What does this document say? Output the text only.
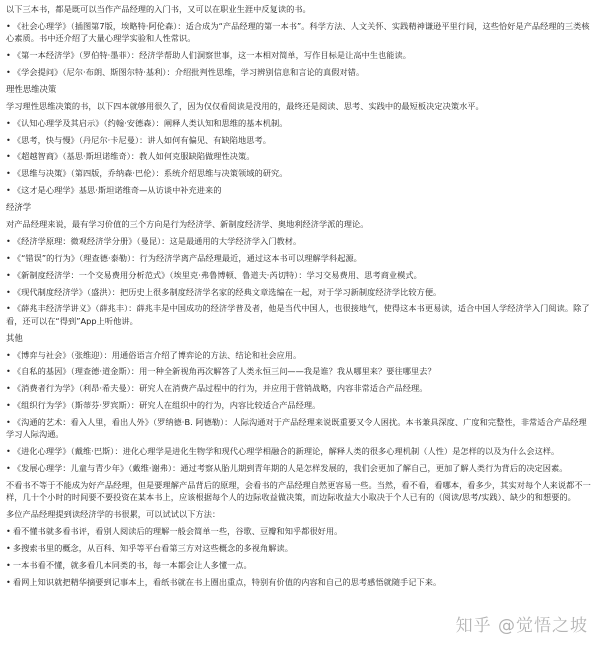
以下三本书，都是既可以当作产品经理的入门书，又可以在职业生涯中反复读的书。
• 《社会心理学》（插图第7版，埃略特·阿伦森）：适合成为“产品经理的第一本书”。科学方法、人文关怀、实践精神谦逊平里行间，这些恰好是产品经理的三类核心素质。书中还介绍了大量心理学实验和人性常识。
• 《第一本经济学》（罗伯特·墨菲）：经济学帮助人们洞察世事，这一本相对简单，写作目标是让高中生也能读。
• 《学会提问》（尼尔·布朗、斯图尔特·基利）：介绍批判性思维，学习辨别信息和言论的真假对错。
理性思维决策
学习理性思维决策的书，以下四本就够用很久了，因为仅仅看阅读是没用的，最终还是阅读、思考、实践中的最短板决定决策水平。
• 《认知心理学及其启示》（约翰·安德森）：阐释人类认知和思维的基本机制。
• 《思考，快与慢》（丹尼尔·卡尼曼）：讲人如何有偏见、有缺陷地思考。
• 《超越智商》（基思·斯坦诺维奇）：教人如何克服缺陷做理性决策。
• 《思维与决策》（第四版，乔纳森·巴伦）：系统介绍思维与决策领域的研究。
• 《这才是心理学》基思·斯坦诺维奇—从访谈中补充进来的
经济学
对产品经理来说，最有学习价值的三个方向是行为经济学、新制度经济学、奥地利经济学派的理论。
• 《经济学原理：微观经济学分册》（曼昆）：这是最通用的大学经济学入门教材。
• 《“错误”的行为》（理查德·泰勒）：行为经济学离产品经理最近，通过这本书可以理解学科起源。
• 《新制度经济学：一个交易费用分析范式》（埃里克·弗鲁博顿、鲁道夫·芮切特）：学习交易费用、思考商业模式。
• 《现代制度经济学》（盛洪）：把历史上很多制度经济学名家的经典文章选编在一起，对于学习新制度经济学比较方便。
• 《薛兆丰经济学讲义》（薛兆丰）：薛兆丰是中国成功的经济学普及者，他是当代中国人，也很接地气，使得这本书更易读，适合中国人学经济学入门阅读。除了看，还可以在“得到”App上听他讲。
其他
• 《博弈与社会》（张维迎）：用通俗语言介绍了博弈论的方法、结论和社会应用。
• 《自私的基因》（理查德·道金斯）：用一种全新视角再次解答了人类永恒三问——我是谁？我从哪里来？要往哪里去？
• 《消费者行为学》（利昂·希夫曼）：研究人在消费产品过程中的行为，并应用于营销战略，内容非常适合产品经理。
• 《组织行为学》（斯蒂芬·罗宾斯）：研究人在组织中的行为，内容比较适合产品经理。
• 《沟通的艺术：看入人里，看出人外》（罗纳德·B. 阿德勒）：人际沟通对于产品经理来说既重要又令人困扰。本书兼具深度、广度和完整性，非常适合产品经理学习人际沟通。
• 《进化心理学》（戴维·巴斯）：进化心理学是进化生物学和现代心理学相融合的新理论，解释人类的很多心理机制（人性）是怎样的以及为什么会这样。
• 《发展心理学：儿童与青少年》（戴维·谢弗）：通过考察从胎儿期到青年期的人是怎样发展的，我们会更加了解自己，更加了解人类行为背后的决定因素。
不看书不等于不能成为好产品经理，但是要理解产品背后的原理，会看书的产品经理自然更容易一些。当然，看不看，看哪本，看多少，其实对每个人来说都不一样，几十个小时的时间要不要投资在某本书上，应该根据每个人的边际收益做决策，而边际收益大小取决于个人已有的（阅读/思考/实践）、缺少的和想要的。
多位产品经理提到读经济学的书很累，可以试试以下方法：
• 看不懂书就多看书评，看别人阅读后的理解一般会简单一些，谷歌、豆瓣和知乎都很好用。
• 多搜索书里的概念，从百科、知乎等平台看第三方对这些概念的多视角解读。
• 一本书看不懂，就多看几本同类的书，每一本都会让人多懂一点。
• 看网上知识就把精华摘要到记事本上，看纸书就在书上圈出重点，特别有价值的内容和自己的思考感悟就随手记下来。
知乎 @觉悟之坡
